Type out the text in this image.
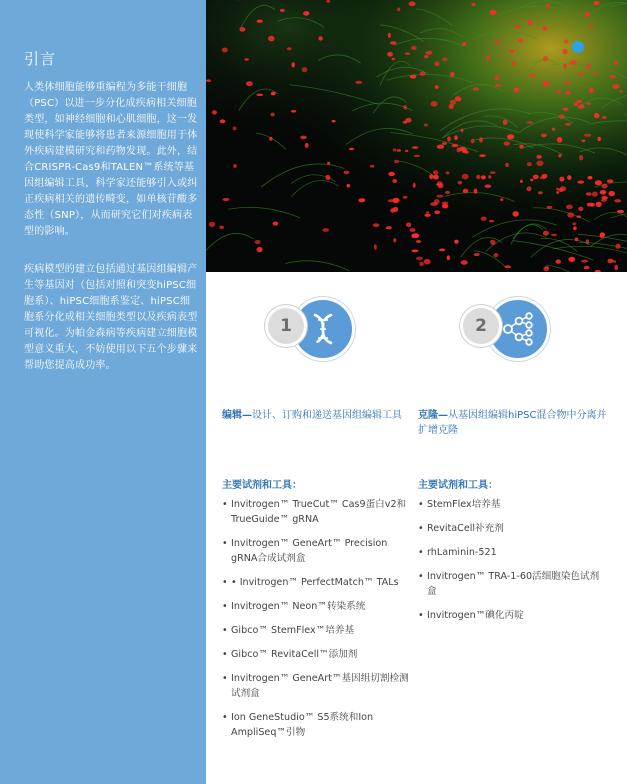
引言

人类体细胞能够重编程为多能干细胞（PSC）以进一步分化成疾病相关细胞类型，如神经细胞和心肌细胞，这一发现使科学家能够将患者来源细胞用于体外疾病建模研究和药物发现。此外，结合CRISPR-Cas9和TALEN™系统等基因组编辑工具，科学家还能够引入或纠正疾病相关的遗传畸变，如单核苷酸多态性（SNP），从而研究它们对疾病表型的影响。

疾病模型的建立包括通过基因组编辑产生等基因对（包括对照和突变hiPSC细胞系）、hiPSC细胞系鉴定、hiPSC细胞系分化成相关细胞类型以及疾病表型可视化。为帕金森病等疾病建立细胞模型意义重大，不妨使用以下五个步骤来帮助您提高成功率。

1	2

编辑—设计、订购和递送基因组编辑工具

主要试剂和工具：

• Invitrogen™ TrueCut™ Cas9蛋白v2和TrueGuide™ gRNA
• Invitrogen™ GeneArt™ Precision gRNA合成试剂盒
• • Invitrogen™ PerfectMatch™ TALs
• Invitrogen™ Neon™转染系统
• Gibco™ StemFlex™培养基
• Gibco™ RevitaCell™添加剂
• Invitrogen™ GeneArt™基因组切割检测试剂盒
• Ion GeneStudio™ S5系统和Ion AmpliSeq™引物

克隆—从基因组编辑hiPSC混合物中分离并扩增克隆

主要试剂和工具：

• StemFlex培养基
• RevitaCell补充剂
• rhLaminin-521
• Invitrogen™ TRA-1-60活细胞染色试剂盒
• Invitrogen™碘化丙啶
